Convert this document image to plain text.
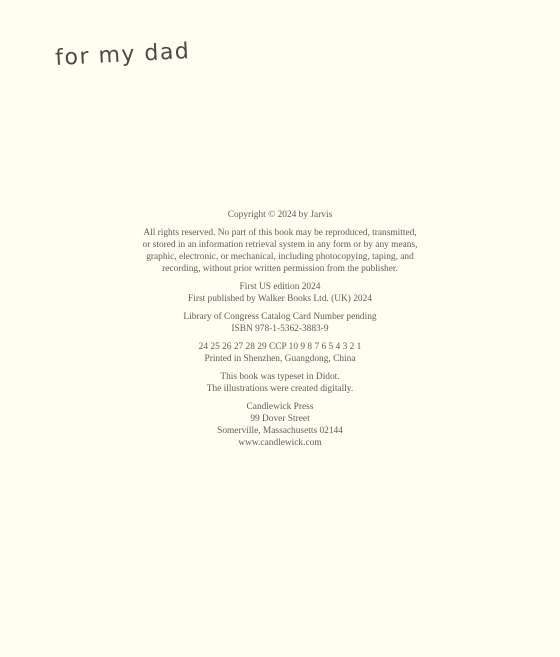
for my dad

Copyright © 2024 by Jarvis

All rights reserved. No part of this book may be reproduced, transmitted,
or stored in an information retrieval system in any form or by any means,
graphic, electronic, or mechanical, including photocopying, taping, and
recording, without prior written permission from the publisher.

First US edition 2024
First published by Walker Books Ltd. (UK) 2024

Library of Congress Catalog Card Number pending
ISBN 978-1-5362-3883-9

24 25 26 27 28 29 CCP 10 9 8 7 6 5 4 3 2 1
Printed in Shenzhen, Guangdong, China

This book was typeset in Didot.
The illustrations were created digitally.

Candlewick Press
99 Dover Street
Somerville, Massachusetts 02144
www.candlewick.com
